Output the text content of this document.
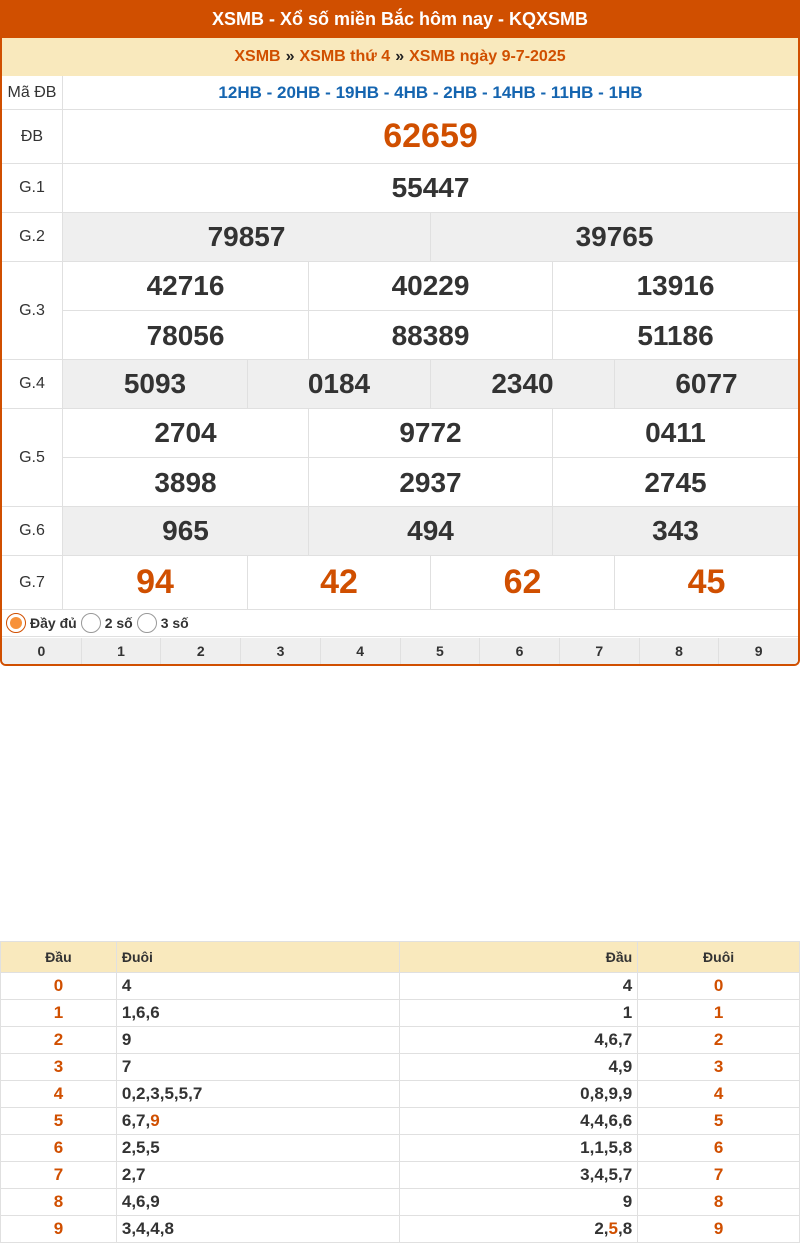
XSMB - Xổ số miền Bắc hôm nay - KQXSMB
XSMB » XSMB thứ 4 » XSMB ngày 9-7-2025
Mã ĐB	12HB - 20HB - 19HB - 4HB - 2HB - 14HB - 11HB - 1HB
ĐB	62659
G.1	55447
G.2	79857	39765
G.3
42716	40229	13916
78056	88389	51186
G.4	5093	0184	2340	6077
G.5
2704	9772	0411
3898	2937	2745
G.6	965	494	343
G.7	94	42	62	45
Đầy đủ 2 số 3 số
0	1	2	3	4	5	6	7	8	9
Đầu	Đuôi	Đầu	Đuôi
0	4	4	0
1	1,6,6	1	1
2	9	4,6,7	2
3	7	4,9	3
4	0,2,3,5,5,7	0,8,9,9	4
5	6,7,9	4,4,6,6	5
6	2,5,5	1,1,5,8	6
7	2,7	3,4,5,7	7
8	4,6,9	9	8
9	3,4,4,8	2,5,8	9
